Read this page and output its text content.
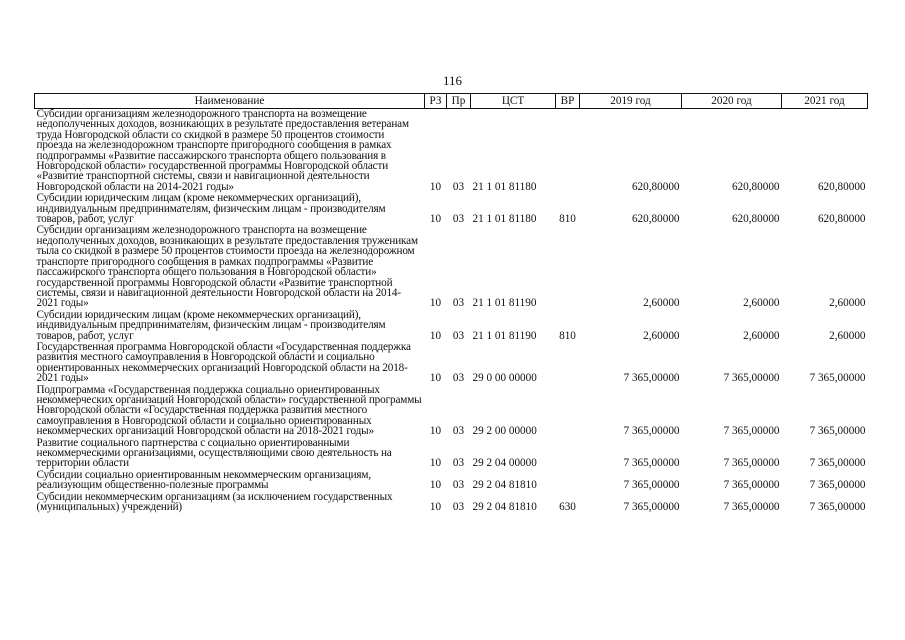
116
Наименование	РЗ	Пр	ЦСТ	ВР	2019 год	2020 год	2021 год
Субсидии организациям железнодорожного транспорта на возмещение недополученных доходов, возникающих в результате предоставления ветеранам труда Новгородской области со скидкой в размере 50 процентов стоимости проезда на железнодорожном транспорте пригородного сообщения в рамках подпрограммы «Развитие пассажирского транспорта общего пользования в Новгородской области» государственной программы Новгородской области «Развитие транспортной системы, связи и навигационной деятельности Новгородской области на 2014-2021 годы»	10	03	21 1 01 81180		620,80000	620,80000	620,80000
Субсидии юридическим лицам (кроме некоммерческих организаций), индивидуальным предпринимателям, физическим лицам - производителям товаров, работ, услуг	10	03	21 1 01 81180	810	620,80000	620,80000	620,80000
Субсидии организациям железнодорожного транспорта на возмещение недополученных доходов, возникающих в результате предоставления труженикам тыла со скидкой в размере 50 процентов стоимости проезда на железнодорожном транспорте пригородного сообщения в рамках подпрограммы «Развитие пассажирского транспорта общего пользования в Новгородской области» государственной программы Новгородской области «Развитие транспортной системы, связи и навигационной деятельности Новгородской области на 2014-2021 годы»	10	03	21 1 01 81190		2,60000	2,60000	2,60000
Субсидии юридическим лицам (кроме некоммерческих организаций), индивидуальным предпринимателям, физическим лицам - производителям товаров, работ, услуг	10	03	21 1 01 81190	810	2,60000	2,60000	2,60000
Государственная программа Новгородской области «Государственная поддержка развития местного самоуправления в Новгородской области и социально ориентированных некоммерческих организаций Новгородской области на 2018-2021 годы»	10	03	29 0 00 00000		7 365,00000	7 365,00000	7 365,00000
Подпрограмма «Государственная поддержка социально ориентированных некоммерческих организаций Новгородской области» государственной программы Новгородской области «Государственная поддержка развития местного самоуправления в Новгородской области и социально ориентированных некоммерческих организаций Новгородской области на 2018-2021 годы»	10	03	29 2 00 00000		7 365,00000	7 365,00000	7 365,00000
Развитие социального партнерства с социально ориентированными некоммерческими организациями, осуществляющими свою деятельность на территории области	10	03	29 2 04 00000		7 365,00000	7 365,00000	7 365,00000
Субсидии социально ориентированным некоммерческим организациям, реализующим общественно-полезные программы	10	03	29 2 04 81810		7 365,00000	7 365,00000	7 365,00000
Субсидии некоммерческим организациям (за исключением государственных (муниципальных) учреждений)	10	03	29 2 04 81810	630	7 365,00000	7 365,00000	7 365,00000
